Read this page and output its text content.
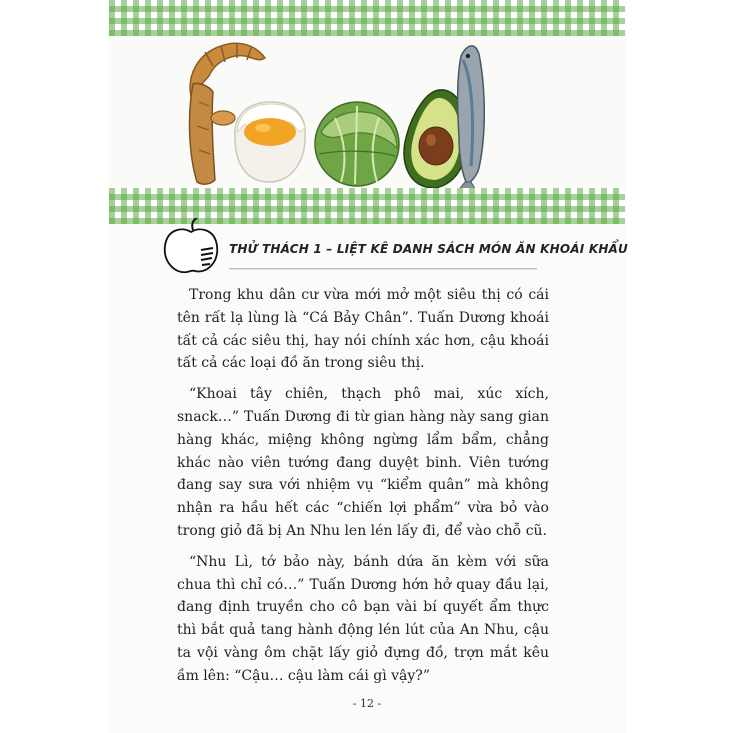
THỬ THÁCH 1 – LIỆT KÊ DANH SÁCH MÓN ĂN KHOÁI KHẨU

Trong khu dân cư vừa mới mở một siêu thị có cái tên rất lạ lùng là “Cá Bảy Chân”. Tuấn Dương khoái tất cả các siêu thị, hay nói chính xác hơn, cậu khoái tất cả các loại đồ ăn trong siêu thị.

“Khoai tây chiên, thạch phô mai, xúc xích, snack…” Tuấn Dương đi từ gian hàng này sang gian hàng khác, miệng không ngừng lẩm bẩm, chẳng khác nào viên tướng đang duyệt binh. Viên tướng đang say sưa với nhiệm vụ “kiểm quân” mà không nhận ra hầu hết các “chiến lợi phẩm” vừa bỏ vào trong giỏ đã bị An Nhu len lén lấy đi, để vào chỗ cũ.

“Nhu Lì, tớ bảo này, bánh dứa ăn kèm với sữa chua thì chỉ có…” Tuấn Dương hớn hở quay đầu lại, đang định truyền cho cô bạn vài bí quyết ẩm thực thì bắt quả tang hành động lén lút của An Nhu, cậu ta vội vàng ôm chặt lấy giỏ đựng đồ, trợn mắt kêu ầm lên: “Cậu… cậu làm cái gì vậy?”

- 12 -
